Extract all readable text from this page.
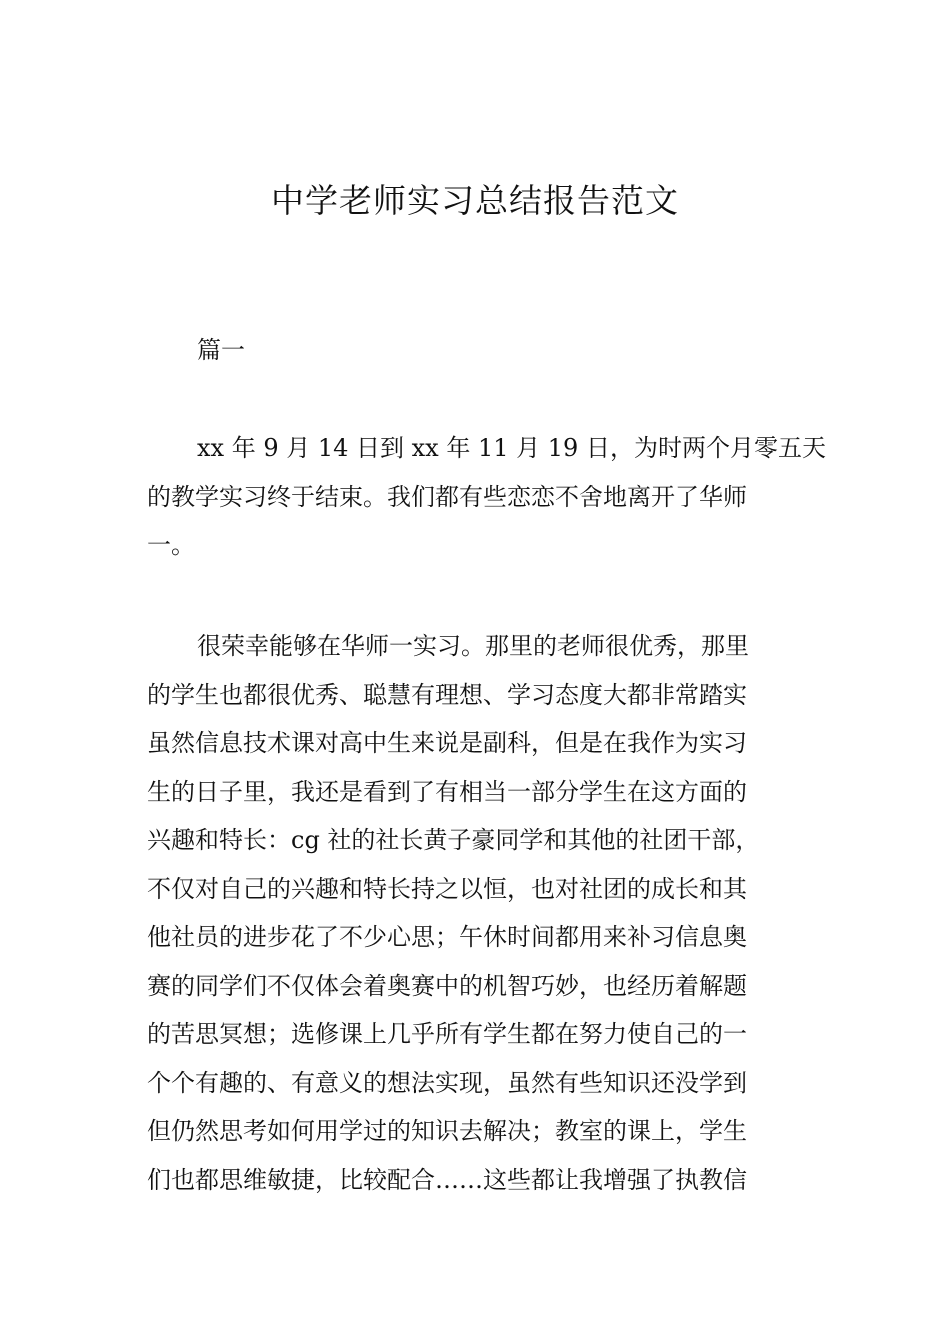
中学老师实习总结报告范文
篇一
xx 年 9 月 14 日到 xx 年 11 月 19 日，为时两个月零五天
的教学实习终于结束。我们都有些恋恋不舍地离开了华师
一。
很荣幸能够在华师一实习。那里的老师很优秀，那里
的学生也都很优秀、聪慧有理想、学习态度大都非常踏实
虽然信息技术课对高中生来说是副科，但是在我作为实习
生的日子里，我还是看到了有相当一部分学生在这方面的
兴趣和特长：cg 社的社长黄子豪同学和其他的社团干部，
不仅对自己的兴趣和特长持之以恒，也对社团的成长和其
他社员的进步花了不少心思；午休时间都用来补习信息奥
赛的同学们不仅体会着奥赛中的机智巧妙，也经历着解题
的苦思冥想；选修课上几乎所有学生都在努力使自己的一
个个有趣的、有意义的想法实现，虽然有些知识还没学到
但仍然思考如何用学过的知识去解决；教室的课上，学生
们也都思维敏捷，比较配合……这些都让我增强了执教信
